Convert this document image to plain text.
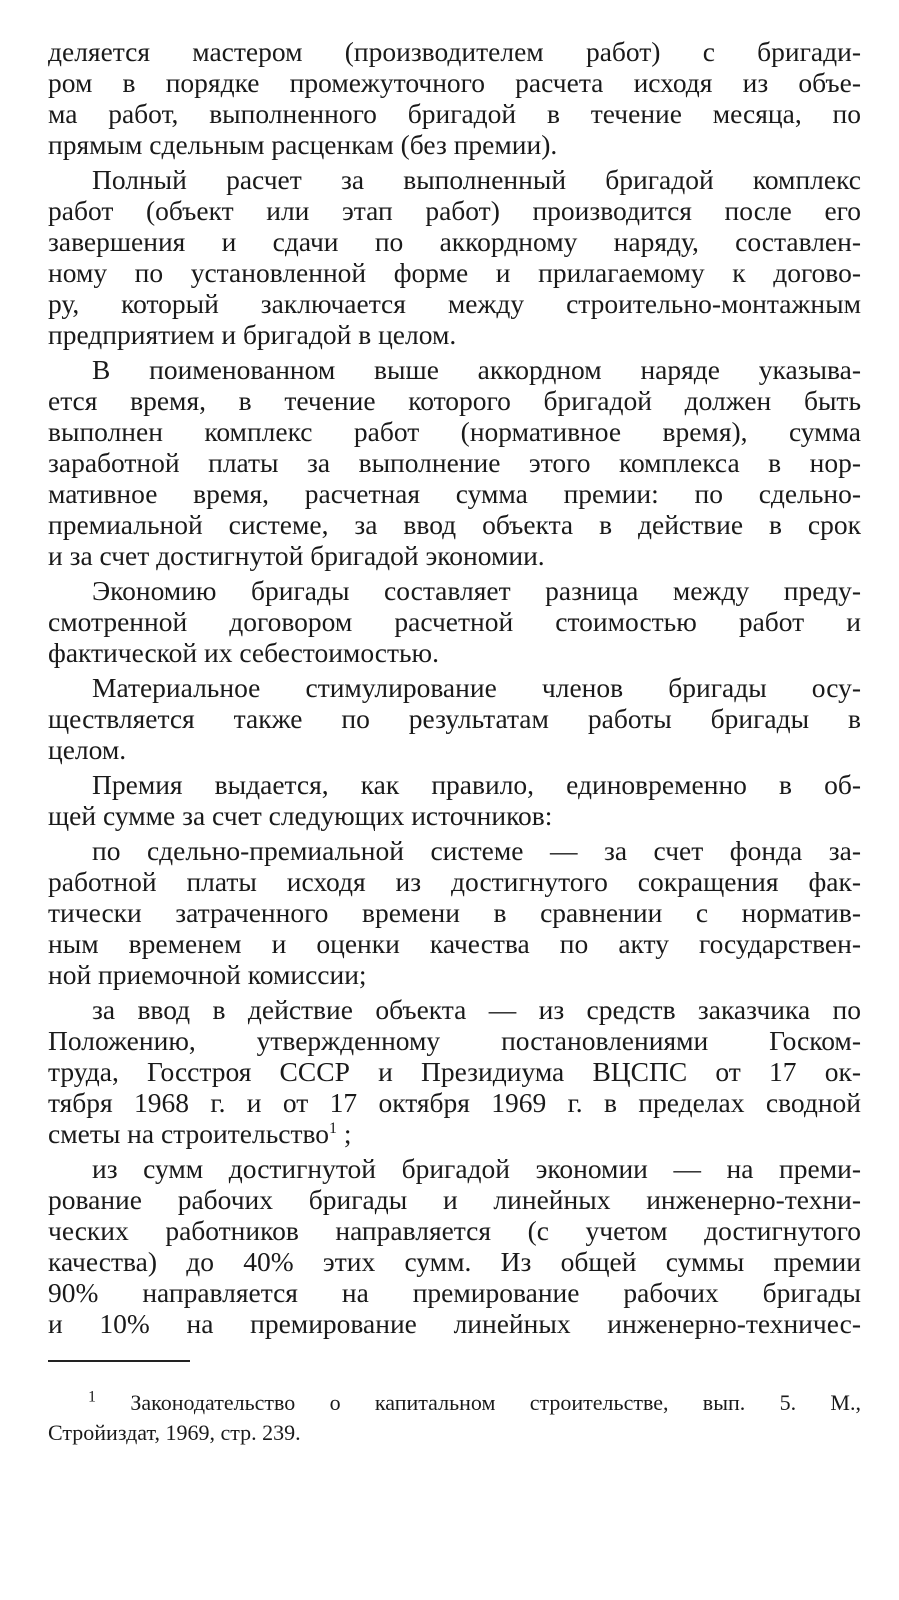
деляется мастером (производителем работ) с бригади-
ром в порядке промежуточного расчета исходя из объе-
ма работ, выполненного бригадой в течение месяца, по
прямым сдельным расценкам (без премии).
Полный расчет за выполненный бригадой комплекс
работ (объект или этап работ) производится после его
завершения и сдачи по аккордному наряду, составлен-
ному по установленной форме и прилагаемому к догово-
ру, который заключается между строительно-монтажным
предприятием и бригадой в целом.
В поименованном выше аккордном наряде указыва-
ется время, в течение которого бригадой должен быть
выполнен комплекс работ (нормативное время), сумма
заработной платы за выполнение этого комплекса в нор-
мативное время, расчетная сумма премии: по сдельно-
премиальной системе, за ввод объекта в действие в срок
и за счет достигнутой бригадой экономии.
Экономию бригады составляет разница между преду-
смотренной договором расчетной стоимостью работ и
фактической их себестоимостью.
Материальное стимулирование членов бригады осу-
ществляется также по результатам работы бригады в
целом.
Премия выдается, как правило, единовременно в об-
щей сумме за счет следующих источников:
по сдельно-премиальной системе — за счет фонда за-
работной платы исходя из достигнутого сокращения фак-
тически затраченного времени в сравнении с норматив-
ным временем и оценки качества по акту государствен-
ной приемочной комиссии;
за ввод в действие объекта — из средств заказчика по
Положению, утвержденному постановлениями Госком-
труда, Госстроя СССР и Президиума ВЦСПС от 17 ок-
тября 1968 г. и от 17 октября 1969 г. в пределах сводной
сметы на строительство$^1$ ;
из сумм достигнутой бригадой экономии — на преми-
рование рабочих бригады и линейных инженерно-техни-
ческих работников направляется (с учетом достигнутого
качества) до 40% этих сумм. Из общей суммы премии
90% направляется на премирование рабочих бригады
и 10% на премирование линейных инженерно-техничес-
$^1$ Законодательство о капитальном строительстве, вып. 5. М.,
Стройиздат, 1969, стр. 239.
